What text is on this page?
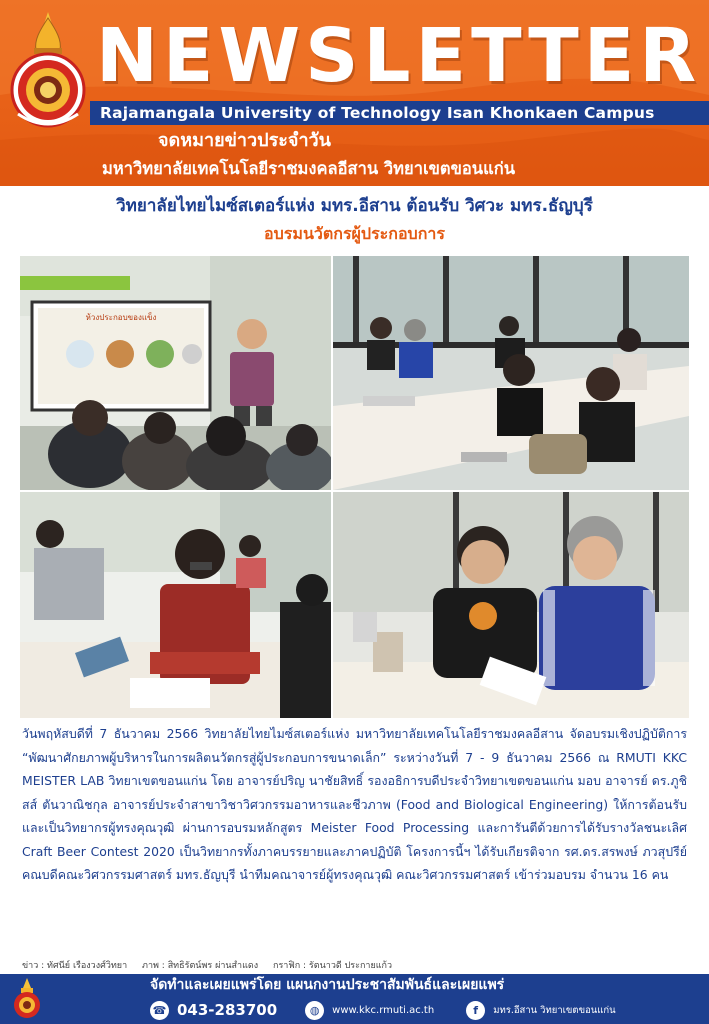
NEWSLETTER
Rajamangala University of Technology Isan Khonkaen Campus
จดหมายข่าวประจำวัน
มหาวิทยาลัยเทคโนโลยีราชมงคลอีสาน วิทยาเขตขอนแก่น
วิทยาลัยไทยไมซ์สเตอร์แห่ง มทร.อีสาน ต้อนรับ วิศวะ มทร.ธัญบุรี
อบรมนวัตกรผู้ประกอบการ
ห้วงประกอบของแข็ง
วันพฤหัสบดีที่ 7 ธันวาคม 2566 วิทยาลัยไทยไมซ์สเตอร์แห่ง มหาวิทยาลัยเทคโนโลยีราชมงคลอีสาน จัดอบรมเชิงปฏิบัติการ “พัฒนาศักยภาพผู้บริหารในการผลิตนวัตกรสู่ผู้ประกอบการขนาดเล็ก” ระหว่างวันที่ 7 - 9 ธันวาคม 2566 ณ RMUTI KKC MEISTER LAB วิทยาเขตขอนแก่น โดย อาจารย์ปริญ นาชัยสิทธิ์ รองอธิการบดีประจำวิทยาเขตขอนแก่น มอบ อาจารย์ ดร.ภูชิสส์ ตันวาณิชกุล อาจารย์ประจำสาขาวิชาวิศวกรรมอาหารและชีวภาพ (Food and Biological Engineering) ให้การต้อนรับ และเป็นวิทยากรผู้ทรงคุณวุฒิ ผ่านการอบรมหลักสูตร Meister Food Processing และการันตีด้วยการได้รับรางวัลชนะเลิศ Craft Beer Contest 2020 เป็นวิทยากรทั้งภาคบรรยายและภาคปฏิบัติ โครงการนี้ฯ ได้รับเกียรติจาก รศ.ดร.สรพงษ์ ภวสุปรีย์ คณบดีคณะวิศวกรรมศาสตร์ มทร.ธัญบุรี นำทีมคณาจารย์ผู้ทรงคุณวุฒิ คณะวิศวกรรมศาสตร์ เข้าร่วมอบรม จำนวน 16 คน
ข่าว : ทัศนีย์ เรืองวงศ์วิทยา ภาพ : สิทธิรัตน์พร ผ่านสำแดง กราฟิก : รัตนาวดี ประกายแก้ว
จัดทำและเผยแพร่โดย แผนกงานประชาสัมพันธ์และเผยแพร่
☎ 043-283700	◍	www.kkc.rmuti.ac.th	f	มทร.อีสาน วิทยาเขตขอนแก่น
